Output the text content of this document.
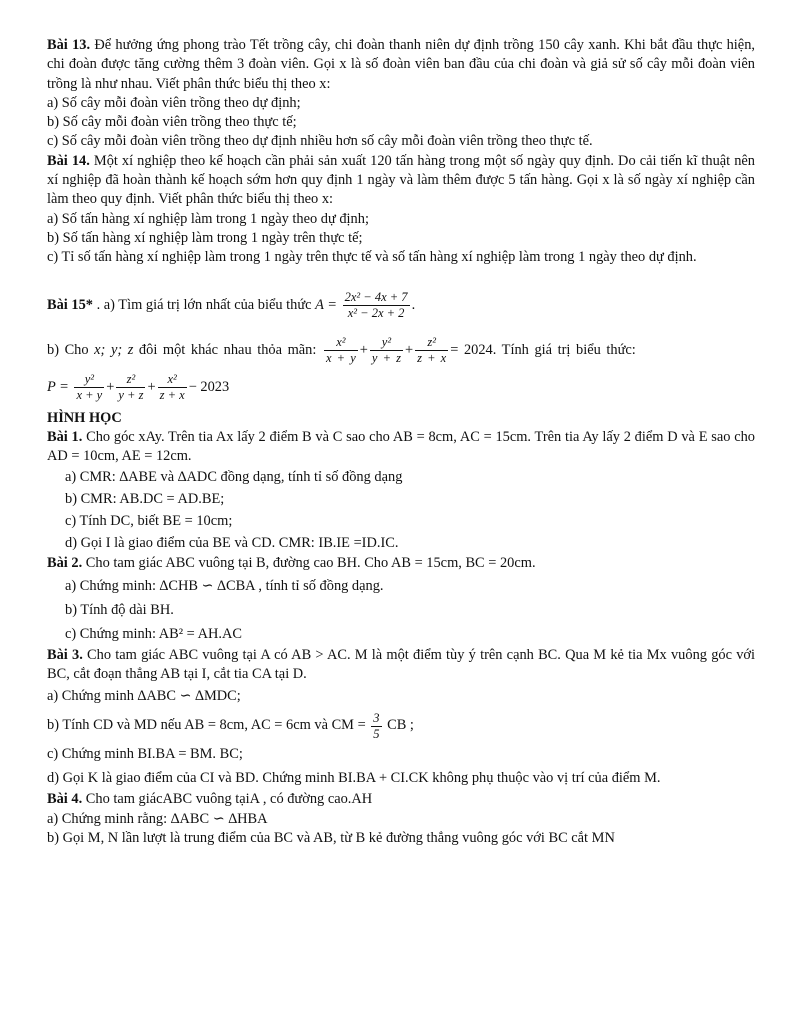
Bài 13. Để hưởng ứng phong trào Tết trồng cây, chi đoàn thanh niên dự định trồng 150 cây xanh. Khi bắt đầu thực hiện, chi đoàn được tăng cường thêm 3 đoàn viên. Gọi x là số đoàn viên ban đầu của chi đoàn và giả sử số cây mỗi đoàn viên trồng là như nhau. Viết phân thức biểu thị theo x:

a) Số cây mỗi đoàn viên trồng theo dự định;

b) Số cây mỗi đoàn viên trồng theo thực tế;

c) Số cây mỗi đoàn viên trồng theo dự định nhiều hơn số cây mỗi đoàn viên trồng theo thực tế.

Bài 14. Một xí nghiệp theo kế hoạch cần phải sản xuất 120 tấn hàng trong một số ngày quy định. Do cải tiến kĩ thuật nên xí nghiệp đã hoàn thành kế hoạch sớm hơn quy định 1 ngày và làm thêm được 5 tấn hàng. Gọi x là số ngày xí nghiệp cần làm theo quy định. Viết phân thức biểu thị theo x:

a) Số tấn hàng xí nghiệp làm trong 1 ngày theo dự định;

b) Số tấn hàng xí nghiệp làm trong 1 ngày trên thực tế;

c) Tỉ số tấn hàng xí nghiệp làm trong 1 ngày trên thực tế và số tấn hàng xí nghiệp làm trong 1 ngày theo dự định.

Bài 15* . a) Tìm giá trị lớn nhất của biểu thức $A = \frac{\text{2x² − 4x + 7}}{\text{x² − 2x + 2}}$ .

b) Cho x; y; z đôi một khác nhau thỏa mãn: $\frac{\text{x²}}{x + y} + \frac{\text{y²}}{y + z} + \frac{\text{z²}}{z + x} = 2024$. Tính giá trị biểu thức:

$P = \frac{\text{y²}}{x + y} + \frac{\text{z²}}{y + z} + \frac{\text{x²}}{z + x} - 2023$

HÌNH HỌC

Bài 1. Cho góc xAy. Trên tia Ax lấy 2 điểm B và C sao cho AB = 8cm, AC = 15cm. Trên tia Ay lấy 2 điểm D và E sao cho AD = 10cm, AE = 12cm.

a) CMR: ∆ABE và ∆ADC đồng dạng, tính tỉ số đồng dạng

b) CMR: AB.DC = AD.BE;

c) Tính DC, biết BE = 10cm;

d) Gọi I là giao điểm của BE và CD. CMR: IB.IE =ID.IC.

Bài 2. Cho tam giác ABC vuông tại B, đường cao BH. Cho AB = 15cm, BC = 20cm.

a) Chứng minh: ∆CHB ∽ ∆CBA , tính tỉ số đồng dạng.

b) Tính độ dài BH.

c) Chứng minh: AB² = AH.AC

Bài 3. Cho tam giác ABC vuông tại A có AB > AC. M là một điểm tùy ý trên cạnh BC. Qua M kẻ tia Mx vuông góc với BC, cắt đoạn thẳng AB tại I, cắt tia CA tại D.

a) Chứng minh ∆ABC ∽ ∆MDC;

b) Tính CD và MD nếu AB = 8cm, AC = 6cm và CM = $\frac{3}{5}$ CB ;

c) Chứng minh BI.BA = BM. BC;

d) Gọi K là giao điểm của CI và BD. Chứng minh BI.BA + CI.CK không phụ thuộc vào vị trí của điểm M.

Bài 4. Cho tam giácABC vuông tạiA , có đường cao.AH

a) Chứng minh rằng: ∆ABC ∽ ∆HBA

b) Gọi M, N lần lượt là trung điểm của BC và AB, từ B kẻ đường thẳng vuông góc với BC cắt MN
